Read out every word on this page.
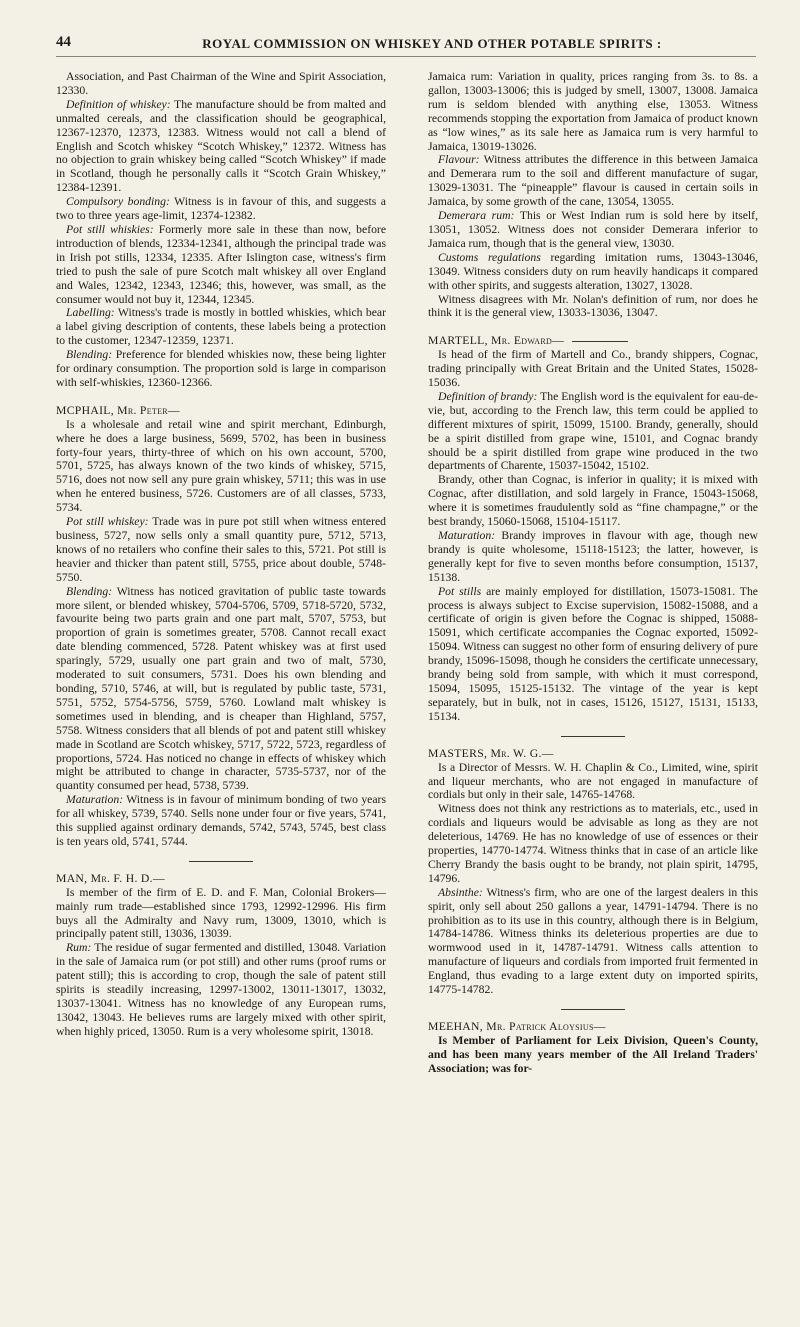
44	ROYAL COMMISSION ON WHISKEY AND OTHER POTABLE SPIRITS :

Association, and Past Chairman of the Wine and Spirit Association, 12330.

Definition of whiskey: The manufacture should be from malted and unmalted cereals, and the classification should be geographical, 12367-12370, 12373, 12383. Witness would not call a blend of English and Scotch whiskey “Scotch Whiskey,” 12372. Witness has no objection to grain whiskey being called “Scotch Whiskey” if made in Scotland, though he personally calls it “Scotch Grain Whiskey,” 12384-12391.

Compulsory bonding: Witness is in favour of this, and suggests a two to three years age-limit, 12374-12382.

Pot still whiskies: Formerly more sale in these than now, before introduction of blends, 12334-12341, although the principal trade was in Irish pot stills, 12334, 12335. After Islington case, witness's firm tried to push the sale of pure Scotch malt whiskey all over England and Wales, 12342, 12343, 12346; this, however, was small, as the consumer would not buy it, 12344, 12345.

Labelling: Witness's trade is mostly in bottled whiskies, which bear a label giving description of contents, these labels being a protection to the customer, 12347-12359, 12371.

Blending: Preference for blended whiskies now, these being lighter for ordinary consumption. The proportion sold is large in comparison with self-whiskies, 12360-12366.

MCPHAIL, Mr. Peter—

Is a wholesale and retail wine and spirit merchant, Edinburgh, where he does a large business, 5699, 5702, has been in business forty-four years, thirty-three of which on his own account, 5700, 5701, 5725, has always known of the two kinds of whiskey, 5715, 5716, does not now sell any pure grain whiskey, 5711; this was in use when he entered business, 5726. Customers are of all classes, 5733, 5734.

Pot still whiskey: Trade was in pure pot still when witness entered business, 5727, now sells only a small quantity pure, 5712, 5713, knows of no retailers who confine their sales to this, 5721. Pot still is heavier and thicker than patent still, 5755, price about double, 5748-5750.

Blending: Witness has noticed gravitation of public taste towards more silent, or blended whiskey, 5704-5706, 5709, 5718-5720, 5732, favourite being two parts grain and one part malt, 5707, 5753, but proportion of grain is sometimes greater, 5708. Cannot recall exact date blending commenced, 5728. Patent whiskey was at first used sparingly, 5729, usually one part grain and two of malt, 5730, moderated to suit consumers, 5731. Does his own blending and bonding, 5710, 5746, at will, but is regulated by public taste, 5731, 5751, 5752, 5754-5756, 5759, 5760. Lowland malt whiskey is sometimes used in blending, and is cheaper than Highland, 5757, 5758. Witness considers that all blends of pot and patent still whiskey made in Scotland are Scotch whiskey, 5717, 5722, 5723, regardless of proportions, 5724. Has noticed no change in effects of whiskey which might be attributed to change in character, 5735-5737, nor of the quantity consumed per head, 5738, 5739.

Maturation: Witness is in favour of minimum bonding of two years for all whiskey, 5739, 5740. Sells none under four or five years, 5741, this supplied against ordinary demands, 5742, 5743, 5745, best class is ten years old, 5741, 5744.

MAN, Mr. F. H. D.—

Is member of the firm of E. D. and F. Man, Colonial Brokers—mainly rum trade—established since 1793, 12992-12996. His firm buys all the Admiralty and Navy rum, 13009, 13010, which is principally patent still, 13036, 13039.

Rum: The residue of sugar fermented and distilled, 13048. Variation in the sale of Jamaica rum (or pot still) and other rums (proof rums or patent still); this is according to crop, though the sale of patent still spirits is steadily increasing, 12997-13002, 13011-13017, 13032, 13037-13041. Witness has no knowledge of any European rums, 13042, 13043. He believes rums are largely mixed with other spirit, when highly priced, 13050. Rum is a very wholesome spirit, 13018.

Jamaica rum: Variation in quality, prices ranging from 3s. to 8s. a gallon, 13003-13006; this is judged by smell, 13007, 13008. Jamaica rum is seldom blended with anything else, 13053. Witness recommends stopping the exportation from Jamaica of product known as “low wines,” as its sale here as Jamaica rum is very harmful to Jamaica, 13019-13026.

Flavour: Witness attributes the difference in this between Jamaica and Demerara rum to the soil and different manufacture of sugar, 13029-13031. The “pineapple” flavour is caused in certain soils in Jamaica, by some growth of the cane, 13054, 13055.

Demerara rum: This or West Indian rum is sold here by itself, 13051, 13052. Witness does not consider Demerara inferior to Jamaica rum, though that is the general view, 13030.

Customs regulations regarding imitation rums, 13043-13046, 13049. Witness considers duty on rum heavily handicaps it compared with other spirits, and suggests alteration, 13027, 13028.

Witness disagrees with Mr. Nolan's definition of rum, nor does he think it is the general view, 13033-13036, 13047.

MARTELL, Mr. Edward—

Is head of the firm of Martell and Co., brandy shippers, Cognac, trading principally with Great Britain and the United States, 15028-15036.

Definition of brandy: The English word is the equivalent for eau-de-vie, but, according to the French law, this term could be applied to different mixtures of spirit, 15099, 15100. Brandy, generally, should be a spirit distilled from grape wine, 15101, and Cognac brandy should be a spirit distilled from grape wine produced in the two departments of Charente, 15037-15042, 15102.

Brandy, other than Cognac, is inferior in quality; it is mixed with Cognac, after distillation, and sold largely in France, 15043-15068, where it is sometimes fraudulently sold as “fine champagne,” or the best brandy, 15060-15068, 15104-15117.

Maturation: Brandy improves in flavour with age, though new brandy is quite wholesome, 15118-15123; the latter, however, is generally kept for five to seven months before consumption, 15137, 15138.

Pot stills are mainly employed for distillation, 15073-15081. The process is always subject to Excise supervision, 15082-15088, and a certificate of origin is given before the Cognac is shipped, 15088-15091, which certificate accompanies the Cognac exported, 15092-15094. Witness can suggest no other form of ensuring delivery of pure brandy, 15096-15098, though he considers the certificate unnecessary, brandy being sold from sample, with which it must correspond, 15094, 15095, 15125-15132. The vintage of the year is kept separately, but in bulk, not in cases, 15126, 15127, 15131, 15133, 15134.

MASTERS, Mr. W. G.—

Is a Director of Messrs. W. H. Chaplin & Co., Limited, wine, spirit and liqueur merchants, who are not engaged in manufacture of cordials but only in their sale, 14765-14768.

Witness does not think any restrictions as to materials, etc., used in cordials and liqueurs would be advisable as long as they are not deleterious, 14769. He has no knowledge of use of essences or their properties, 14770-14774. Witness thinks that in case of an article like Cherry Brandy the basis ought to be brandy, not plain spirit, 14795, 14796.

Absinthe: Witness's firm, who are one of the largest dealers in this spirit, only sell about 250 gallons a year, 14791-14794. There is no prohibition as to its use in this country, although there is in Belgium, 14784-14786. Witness thinks its deleterious properties are due to wormwood used in it, 14787-14791. Witness calls attention to manufacture of liqueurs and cordials from imported fruit fermented in England, thus evading to a large extent duty on imported spirits, 14775-14782.

MEEHAN, Mr. Patrick Aloysius—

Is Member of Parliament for Leix Division, Queen's County, and has been many years member of the All Ireland Traders' Association; was for-
